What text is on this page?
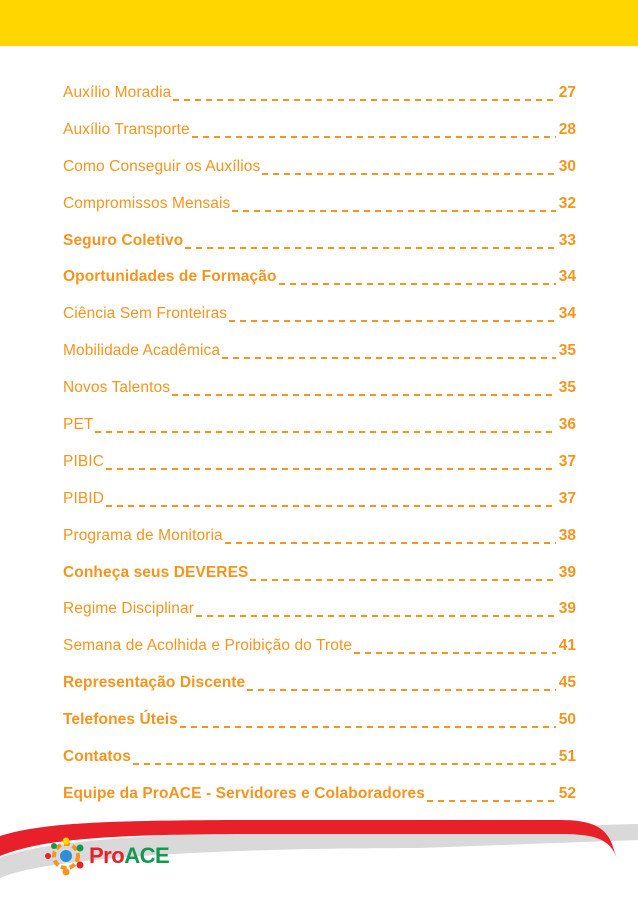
Auxílio Moradia	27
Auxílio Transporte	28
Como Conseguir os Auxílios	30
Compromissos Mensais	32
Seguro Coletivo	33
Oportunidades de Formação	34
Ciência Sem Fronteiras	34
Mobilidade Acadêmica	35
Novos Talentos	35
PET	36
PIBIC	37
PIBID	37
Programa de Monitoria	38
Conheça seus DEVERES	39
Regime Disciplinar	39
Semana de Acolhida e Proibição do Trote	41
Representação Discente	45
Telefones Úteis	50
Contatos	51
Equipe da ProACE - Servidores e Colaboradores	52
ProACE
